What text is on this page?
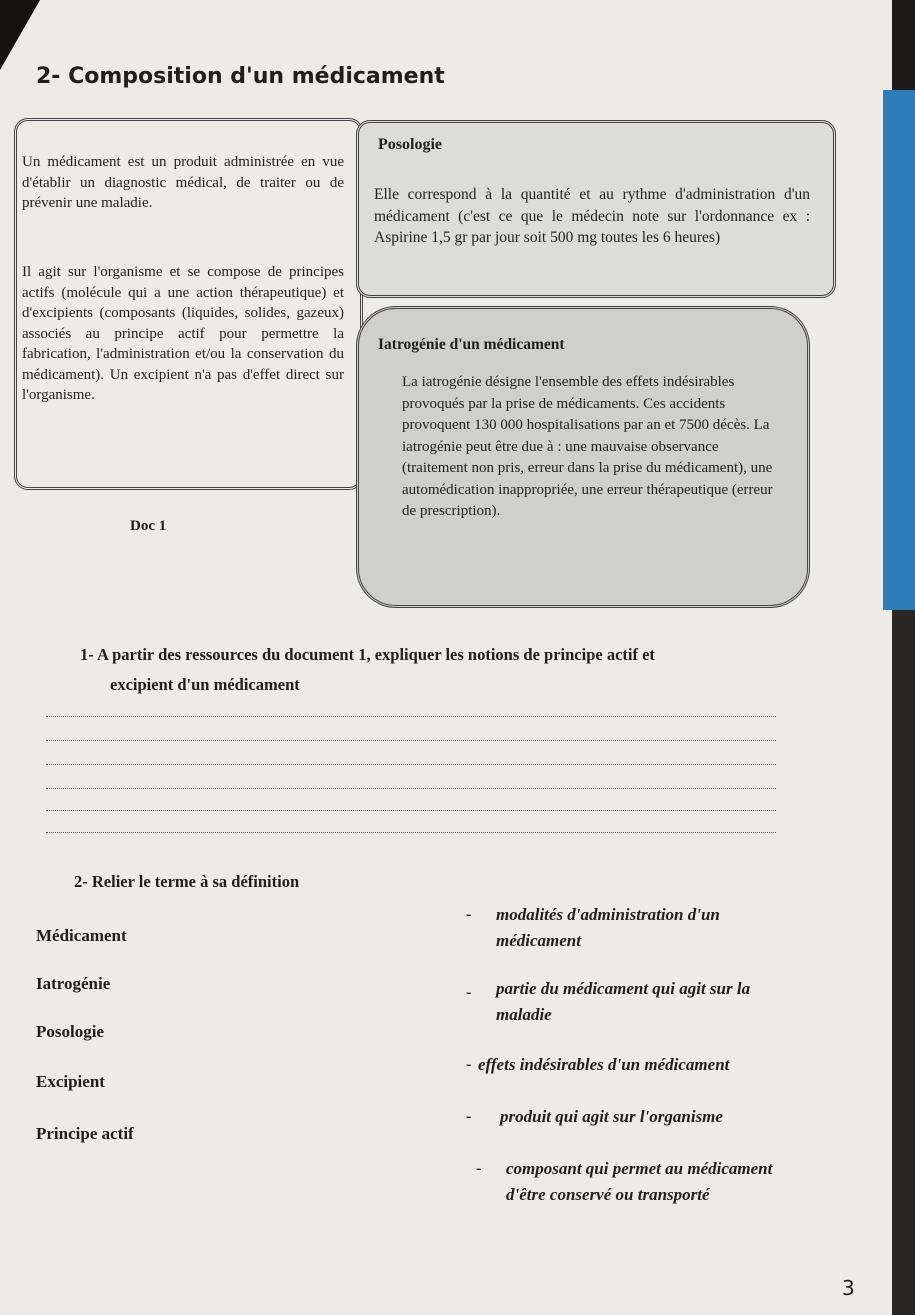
2- Composition d'un médicament

Un médicament est un produit administrée en vue d'établir un diagnostic médical, de traiter ou de prévenir une maladie.

Il agit sur l'organisme et se compose de principes actifs (molécule qui a une action thérapeutique) et d'excipients (composants (liquides, solides, gazeux) associés au principe actif pour permettre la fabrication, l'administration et/ou la conservation du médicament). Un excipient n'a pas d'effet direct sur l'organisme.

Doc 1
Posologie

Elle correspond à la quantité et au rythme d'administration d'un médicament (c'est ce que le médecin note sur l'ordonnance ex : Aspirine 1,5 gr par jour soit 500 mg toutes les 6 heures)

Iatrogénie d'un médicament

La iatrogénie désigne l'ensemble des effets indésirables provoqués par la prise de médicaments. Ces accidents provoquent 130 000 hospitalisations par an et 7500 décès. La iatrogénie peut être due à : une mauvaise observance (traitement non pris, erreur dans la prise du médicament), une automédication inappropriée, une erreur thérapeutique (erreur de prescription).

1- A partir des ressources du document 1, expliquer les notions de principe actif et
excipient d'un médicament
2- Relier le terme à sa définition
Médicament
Iatrogénie
Posologie
Excipient
Principe actif
- modalités d'administration d'un
médicament

- partie du médicament qui agit sur la
maladie

- effets indésirables d'un médicament

- produit qui agit sur l'organisme

- composant qui permet au médicament
d'être conservé ou transporté

3
